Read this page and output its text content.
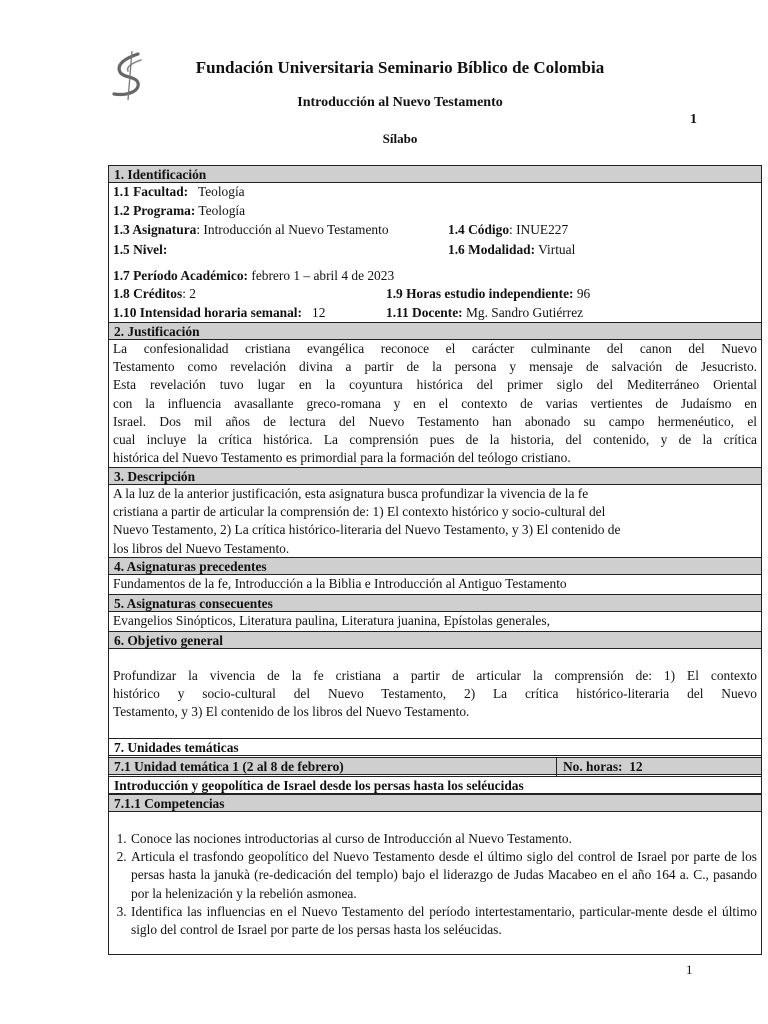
Fundación Universitaria Seminario Bíblico de Colombia
Introducción al Nuevo Testamento
Sílabo
1
1. Identificación
1.1 Facultad: Teología
1.2 Programa: Teología
1.3 Asignatura: Introducción al Nuevo Testamento	1.4 Código: INUE227
1.5 Nivel:	1.6 Modalidad: Virtual
1.7 Período Académico: febrero 1 – abril 4 de 2023
1.8 Créditos: 2	1.9 Horas estudio independiente: 96
1.10 Intensidad horaria semanal: 12	1.11 Docente: Mg. Sandro Gutiérrez
2. Justificación
La confesionalidad cristiana evangélica reconoce el carácter culminante del canon del Nuevo
Testamento como revelación divina a partir de la persona y mensaje de salvación de Jesucristo.
Esta revelación tuvo lugar en la coyuntura histórica del primer siglo del Mediterráneo Oriental
con la influencia avasallante greco-romana y en el contexto de varias vertientes de Judaísmo en
Israel. Dos mil años de lectura del Nuevo Testamento han abonado su campo hermenéutico, el
cual incluye la crítica histórica. La comprensión pues de la historia, del contenido, y de la crítica
histórica del Nuevo Testamento es primordial para la formación del teólogo cristiano.
3. Descripción
A la luz de la anterior justificación, esta asignatura busca profundizar la vivencia de la fe
cristiana a partir de articular la comprensión de: 1) El contexto histórico y socio-cultural del
Nuevo Testamento, 2) La crítica histórico-literaria del Nuevo Testamento, y 3) El contenido de
los libros del Nuevo Testamento.
4. Asignaturas precedentes
Fundamentos de la fe, Introducción a la Biblia e Introducción al Antiguo Testamento
5. Asignaturas consecuentes
Evangelios Sinópticos, Literatura paulina, Literatura juanina, Epístolas generales,
6. Objetivo general
Profundizar la vivencia de la fe cristiana a partir de articular la comprensión de: 1) El contexto
histórico y socio-cultural del Nuevo Testamento, 2) La crítica histórico-literaria del Nuevo
Testamento, y 3) El contenido de los libros del Nuevo Testamento.
7. Unidades temáticas
7.1 Unidad temática 1 (2 al 8 de febrero)	No. horas: 12
Introducción y geopolítica de Israel desde los persas hasta los seléucidas
7.1.1 Competencias
1. Conoce las nociones introductorias al curso de Introducción al Nuevo Testamento.
2. Articula el trasfondo geopolítico del Nuevo Testamento desde el último siglo del control de Israel por parte de los persas hasta la janukà (re-dedicación del templo) bajo el liderazgo de Judas Macabeo en el año 164 a. C., pasando por la helenización y la rebelión asmonea.
3. Identifica las influencias en el Nuevo Testamento del período intertestamentario, particular-mente desde el último siglo del control de Israel por parte de los persas hasta los seléucidas.
1
